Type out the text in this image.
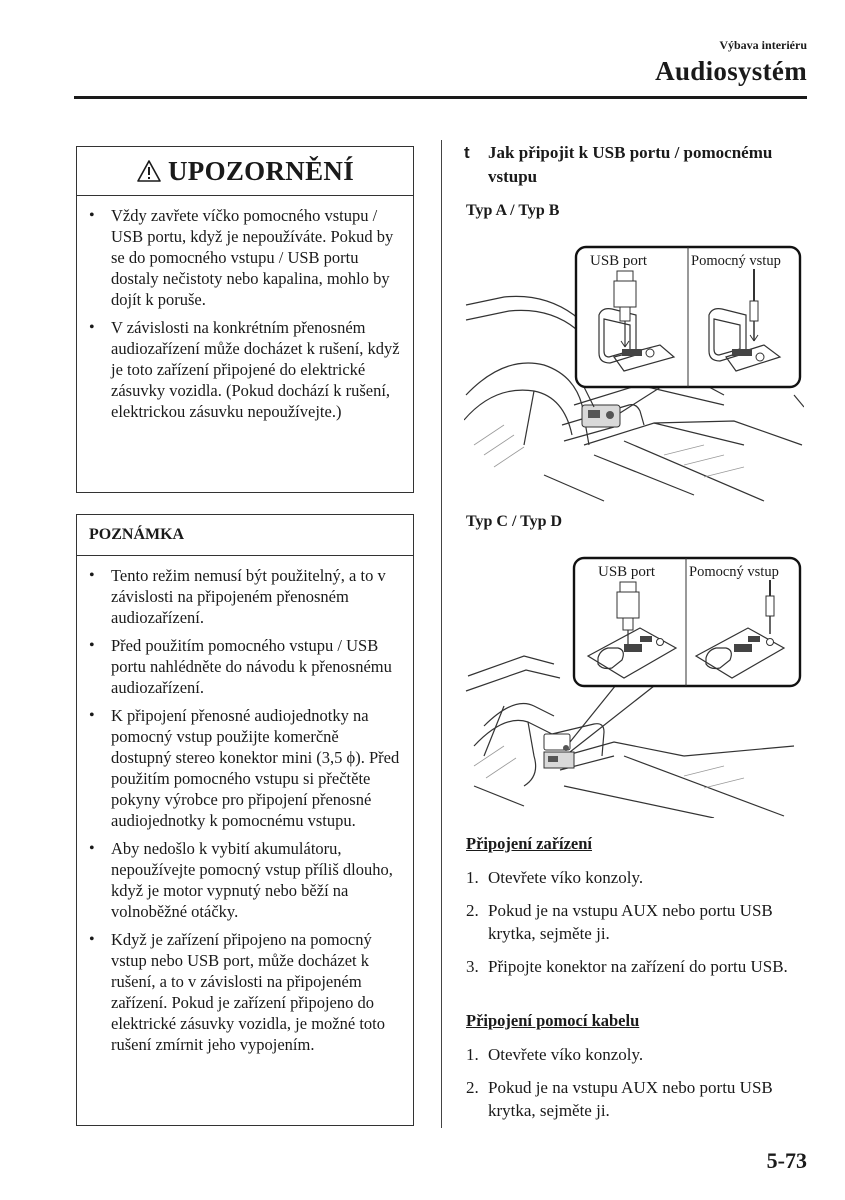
Výbava interiéru
Audiosystém
UPOZORNĚNÍ
• Vždy zavřete víčko pomocného vstupu / USB portu, když je nepoužíváte. Pokud by se do pomocného vstupu / USB portu dostaly nečistoty nebo kapalina, mohlo by dojít k poruše.
• V závislosti na konkrétním přenosném audiozařízení může docházet k rušení, když je toto zařízení připojené do elektrické zásuvky vozidla. (Pokud dochází k rušení, elektrickou zásuvku nepoužívejte.)
POZNÁMKA
• Tento režim nemusí být použitelný, a to v závislosti na připojeném přenosném audiozařízení.
• Před použitím pomocného vstupu / USB portu nahlédněte do návodu k přenosnému audiozařízení.
• K připojení přenosné audiojednotky na pomocný vstup použijte komerčně dostupný stereo konektor mini (3,5 ϕ). Před použitím pomocného vstupu si přečtěte pokyny výrobce pro připojení přenosné audiojednotky k pomocnému vstupu.
• Aby nedošlo k vybití akumulátoru, nepoužívejte pomocný vstup příliš dlouho, když je motor vypnutý nebo běží na volnoběžné otáčky.
• Když je zařízení připojeno na pomocný vstup nebo USB port, může docházet k rušení, a to v závislosti na připojeném zařízení. Pokud je zařízení připojeno do elektrické zásuvky vozidla, je možné toto rušení zmírnit jeho vypojením.
t	Jak připojit k USB portu / pomocnému vstupu
Typ A / Typ B
USB port	Pomocný vstup
Typ C / Typ D
USB port Pomocný vstup
Připojení zařízení
1. Otevřete víko konzoly.
2. Pokud je na vstupu AUX nebo portu USB krytka, sejměte ji.
3. Připojte konektor na zařízení do portu USB.
Připojení pomocí kabelu
1. Otevřete víko konzoly.
2. Pokud je na vstupu AUX nebo portu USB krytka, sejměte ji.
5-73
